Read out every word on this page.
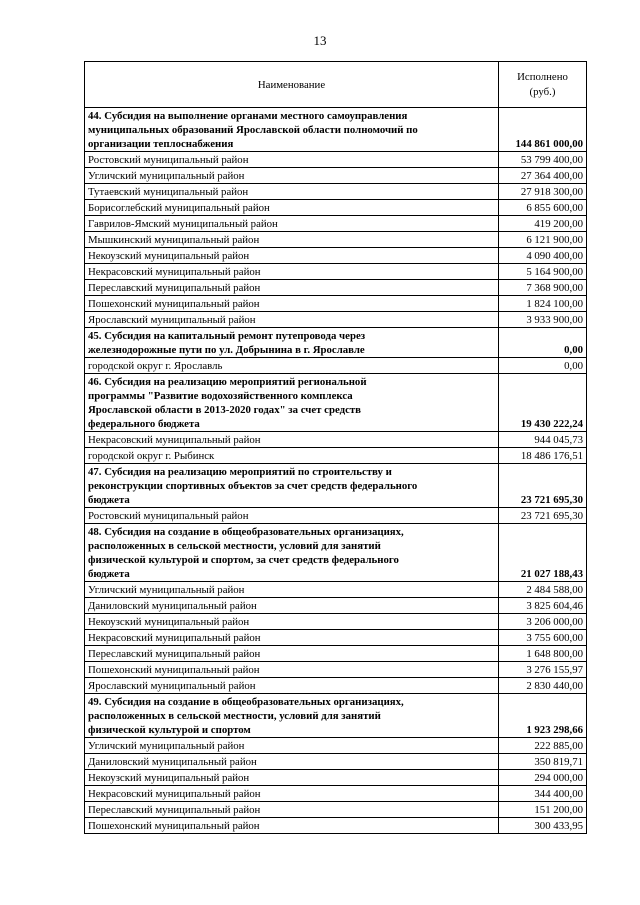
13
Наименование	Исполнено
(руб.)

44. Субсидия на выполнение органами местного самоуправления
муниципальных образований Ярославской области полномочий по
организации теплоснабжения	144 861 000,00
Ростовский муниципальный район	53 799 400,00
Угличский муниципальный район	27 364 400,00
Тутаевский муниципальный район	27 918 300,00
Борисоглебский муниципальный район	6 855 600,00
Гаврилов-Ямский муниципальный район	419 200,00
Мышкинский муниципальный район	6 121 900,00
Некоузский муниципальный район	4 090 400,00
Некрасовский муниципальный район	5 164 900,00
Переславский муниципальный район	7 368 900,00
Пошехонский муниципальный район	1 824 100,00
Ярославский муниципальный район	3 933 900,00

45. Субсидия на капитальный ремонт путепровода через
железнодорожные пути по ул. Добрынина в г. Ярославле	0,00
городской округ г. Ярославль	0,00

46. Субсидия на реализацию мероприятий региональной
программы "Развитие водохозяйственного комплекса
Ярославской области в 2013-2020 годах" за счет средств
федерального бюджета	19 430 222,24
Некрасовский муниципальный район	944 045,73
городской округ г. Рыбинск	18 486 176,51

47. Субсидия на реализацию мероприятий по строительству и
реконструкции спортивных объектов за счет средств федерального
бюджета	23 721 695,30
Ростовский муниципальный район	23 721 695,30

48. Субсидия на создание в общеобразовательных организациях,
расположенных в сельской местности, условий для занятий
физической культурой и спортом, за счет средств федерального
бюджета	21 027 188,43
Угличский муниципальный район	2 484 588,00
Даниловский муниципальный район	3 825 604,46
Некоузский муниципальный район	3 206 000,00
Некрасовский муниципальный район	3 755 600,00
Переславский муниципальный район	1 648 800,00
Пошехонский муниципальный район	3 276 155,97
Ярославский муниципальный район	2 830 440,00

49. Субсидия на создание в общеобразовательных организациях,
расположенных в сельской местности, условий для занятий
физической культурой и спортом	1 923 298,66
Угличский муниципальный район	222 885,00
Даниловский муниципальный район	350 819,71
Некоузский муниципальный район	294 000,00
Некрасовский муниципальный район	344 400,00
Переславский муниципальный район	151 200,00
Пошехонский муниципальный район	300 433,95
